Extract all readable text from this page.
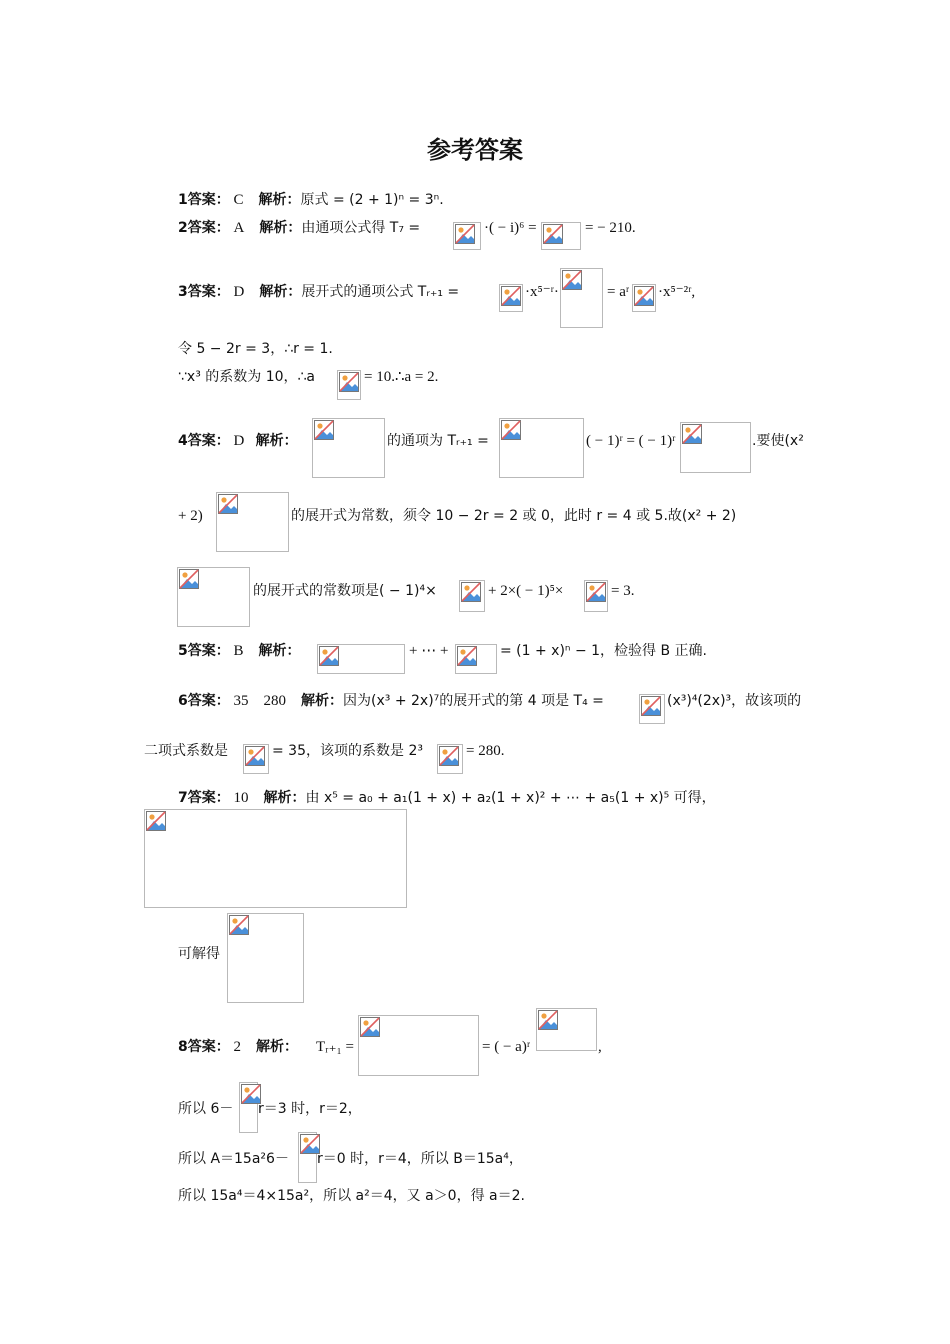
参考答案
1答案： C 解析：原式 = (2 + 1)ⁿ = 3ⁿ.
2答案： A 解析：由通项公式得 T₇ =	·( − i)⁶ =	= − 210.
3答案： D 解析：展开式的通项公式 Tᵣ₊₁ =	·x⁵⁻ʳ·	= aʳ ·x⁵⁻²ʳ,
令 5 − 2r = 3，∴r = 1.
∵x³ 的系数为 10，∴a	= 10.∴a = 2.
4答案： D 解析：	的通项为 Tᵣ₊₁ =	( − 1)ʳ = ( − 1)ʳ	.要使(x²
+ 2)	的展开式为常数，须令 10 − 2r = 2 或 0，此时 r = 4 或 5.故(x² + 2)
的展开式的常数项是( − 1)⁴×	+ 2×( − 1)⁵×	= 3.
5答案： B 解析：	+ ⋯ +	= (1 + x)ⁿ − 1，检验得 B 正确.
6答案： 35　280 解析：因为(x³ + 2x)⁷的展开式的第 4 项是 T₄ =	(x³)⁴(2x)³，故该项的
二项式系数是	= 35，该项的系数是 2³	= 280.
7答案： 10 解析：由 x⁵ = a₀ + a₁(1 + x) + a₂(1 + x)² + ⋯ + a₅(1 + x)⁵ 可得，
可解得
8答案： 2 解析： Tᵣ₊₁ =	= ( − a)ʳ	,
所以 6－ r＝3 时，r＝2，
所以 A＝15a²6－ r＝0 时，r＝4，所以 B＝15a⁴，
所以 15a⁴＝4×15a²，所以 a²＝4，又 a＞0，得 a＝2.
